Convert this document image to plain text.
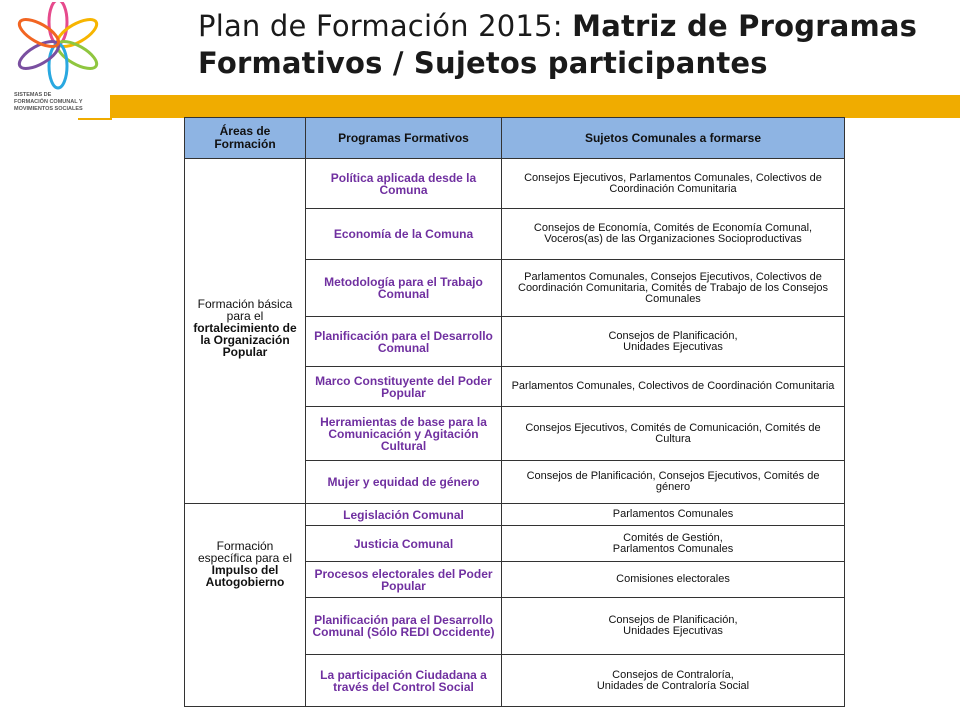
SISTEMAS DE
FORMACIÓN COMUNAL Y
MOVIMIENTOS SOCIALES
Plan de Formación 2015: Matriz de Programas Formativos / Sujetos participantes
Áreas de Formación	Programas Formativos	Sujetos Comunales a formarse

Formación básica para el
fortalecimiento de la Organización Popular	Política aplicada desde la Comuna	Consejos Ejecutivos, Parlamentos Comunales, Colectivos de Coordinación Comunitaria
	Economía de la Comuna	Consejos de Economía, Comités de Economía Comunal, Voceros(as) de las Organizaciones Socioproductivas
	Metodología para el Trabajo Comunal	Parlamentos Comunales, Consejos Ejecutivos, Colectivos de Coordinación Comunitaria, Comités de Trabajo de los Consejos Comunales
	Planificación para el Desarrollo Comunal	Consejos de Planificación,
Unidades Ejecutivas
	Marco Constituyente del Poder Popular	Parlamentos Comunales, Colectivos de Coordinación Comunitaria
	Herramientas de base para la Comunicación y Agitación Cultural	Consejos Ejecutivos, Comités de Comunicación, Comités de Cultura
	Mujer y equidad de género	Consejos de Planificación, Consejos Ejecutivos, Comités de género

Formación específica para el
Impulso del Autogobierno	Legislación Comunal	Parlamentos Comunales
	Justicia Comunal	Comités de Gestión,
Parlamentos Comunales
	Procesos electorales del Poder Popular	Comisiones electorales
	Planificación para el Desarrollo Comunal (Sólo REDI Occidente)	Consejos de Planificación,
Unidades Ejecutivas
	La participación Ciudadana a través del Control Social	Consejos de Contraloría,
Unidades de Contraloría Social
